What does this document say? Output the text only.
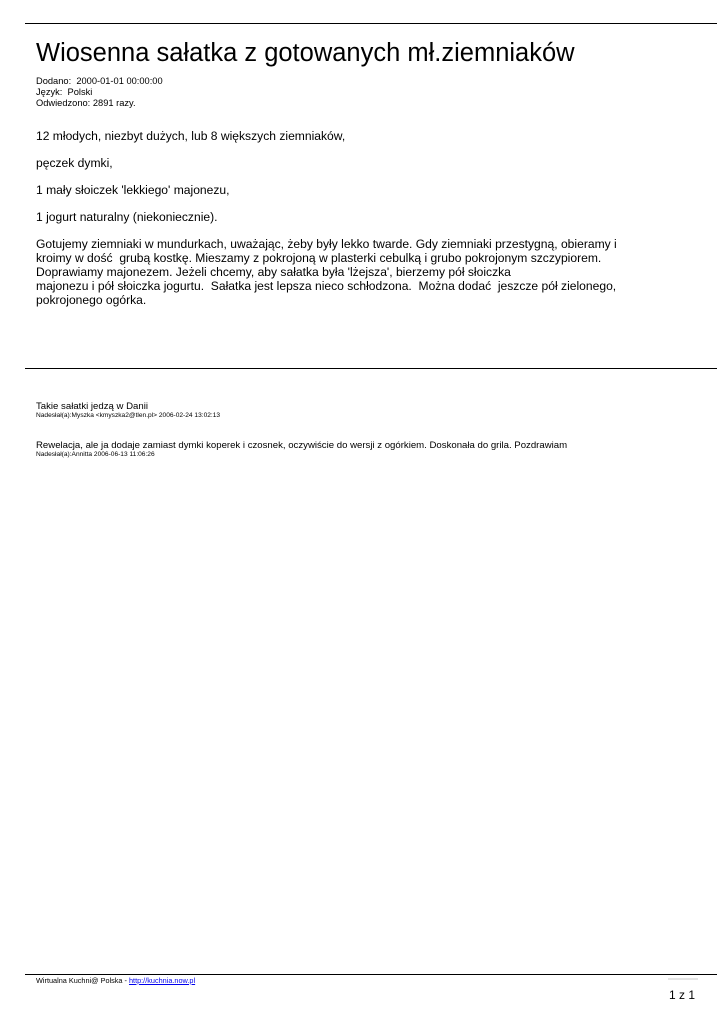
Wiosenna sałatka z gotowanych mł.ziemniaków
Dodano:  2000-01-01 00:00:00
Język:  Polski
Odwiedzono: 2891 razy.

12 młodych, niezbyt dużych, lub 8 większych ziemniaków,

pęczek dymki,

1 mały słoiczek 'lekkiego' majonezu,

1 jogurt naturalny (niekoniecznie).

Gotujemy ziemniaki w mundurkach, uważając, żeby były lekko twarde. Gdy ziemniaki przestygną, obieramy i
kroimy w dość  grubą kostkę. Mieszamy z pokrojoną w plasterki cebulką i grubo pokrojonym szczypiorem.
Doprawiamy majonezem. Jeżeli chcemy, aby sałatka była 'lżejsza', bierzemy pół słoiczka
majonezu i pół słoiczka jogurtu.  Sałatka jest lepsza nieco schłodzona.  Można dodać  jeszcze pół zielonego,
pokrojonego ogórka.
Takie sałatki jedzą w Danii
Nadesłał(a):Myszka <kmyszka2@tlen.pl> 2006-02-24 13:02:13
Rewelacja, ale ja dodaje zamiast dymki koperek i czosnek, oczywiście do wersji z ogórkiem. Doskonała do grila. Pozdrawiam
Nadesłał(a):Annitta 2006-06-13 11:06:26
Wirtualna Kuchni@ Polska - http://kuchnia.now.pl
1 z 1
